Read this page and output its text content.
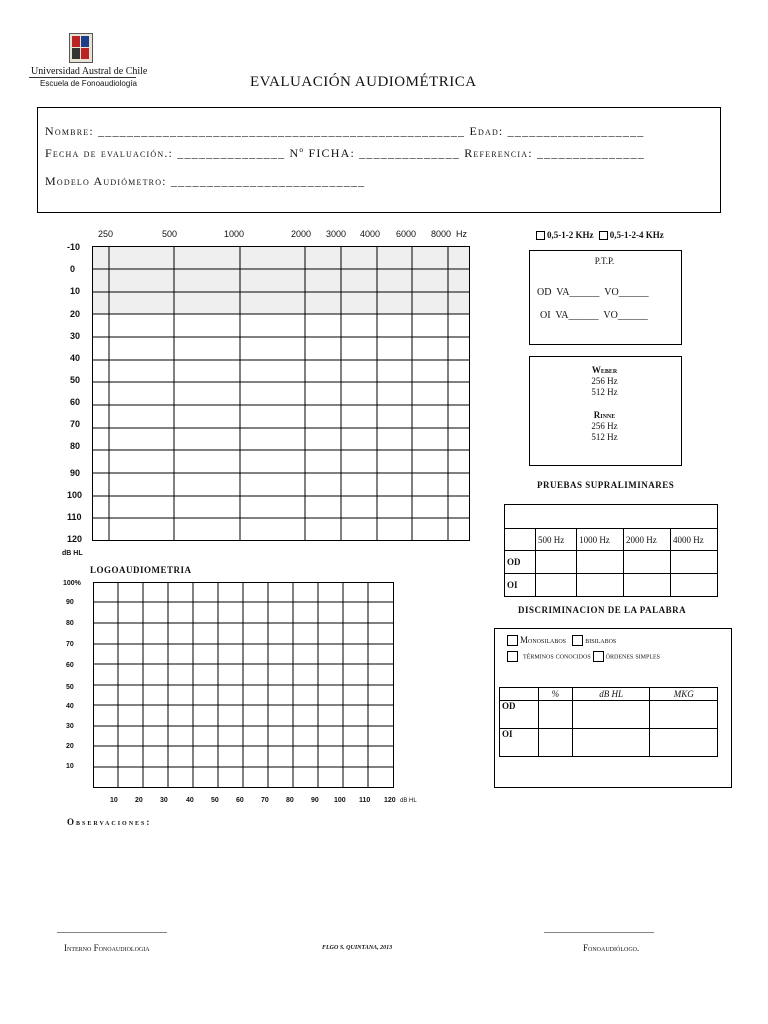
Universidad Austral de Chile
Escuela de Fonoaudiología	EVALUACIÓN AUDIOMÉTRICA
Nombre: ___________________________________________________ Edad: ___________________
Fecha de evaluación.: _______________ Nº FICHA: ______________ Referencia: _______________
Modelo Audiómetro: ___________________________
250	500	1000	2000 3000 4000 6000 8000 Hz
-10
0
10
20
30
40
50
60
70
80
90
100
110
120
dB HL
0,5-1-2 KHz 0,5-1-2-4 KHz
P.T.P.
OD  VA______  VO______
OI  VA______  VO______
Weber
256 Hz
512 Hz
Rinne
256 Hz
512 Hz
PRUEBAS SUPRALIMINARES

	500 Hz	1000 Hz	2000 Hz	4000 Hz
OD				
OI				
LOGOAUDIOMETRIA
100%
90
80
70
60
50
40
30
20
10
10 20 30	40 50 60 70 80 90 100 110 120 dB HL
DISCRIMINACION DE LA PALABRA
Monosilabos bisilabos
términos conocidos órdenes simples
	%	dB HL	MKG
OD			
OI			
Observaciones:
____________________	____________________
Interno Fonoaudiologia	FLGO S. QUINTANA, 2013	Fonoaudiólogo.
